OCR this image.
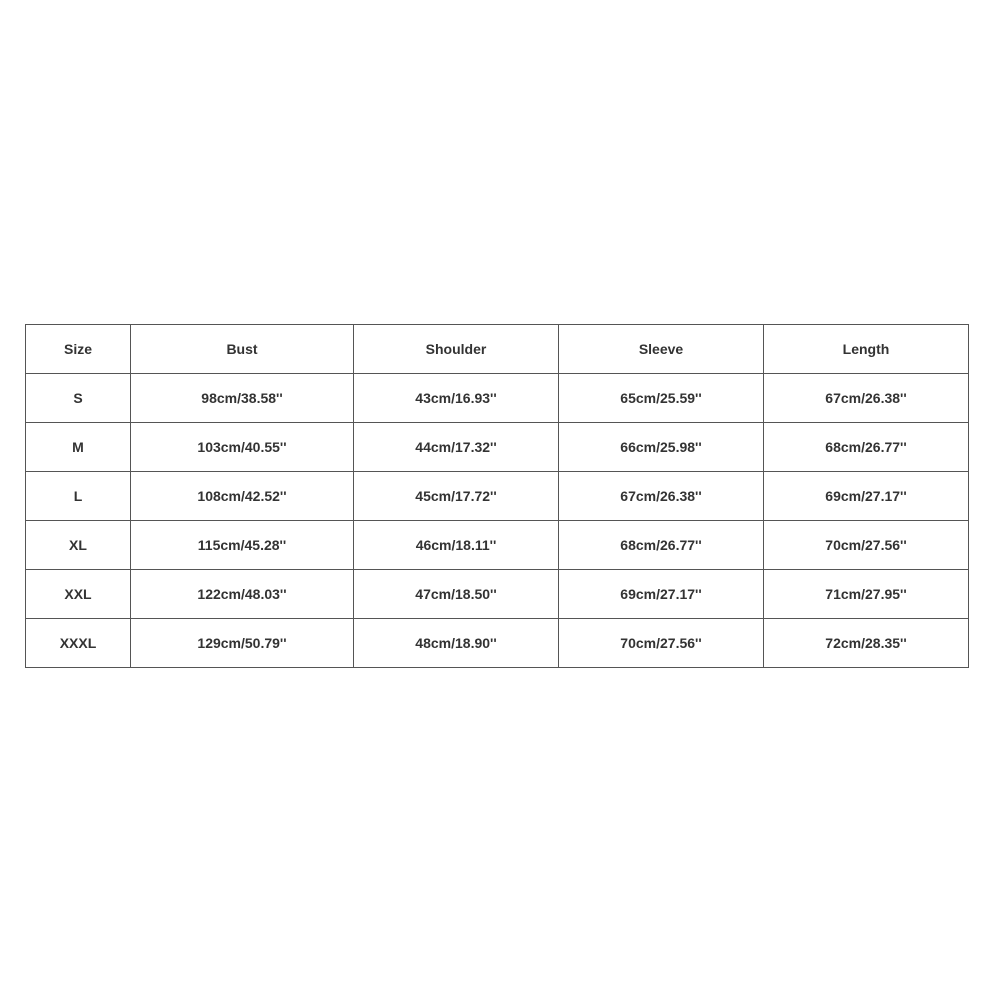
Size	Bust	Shoulder	Sleeve	Length
S	98cm/38.58''	43cm/16.93''	65cm/25.59''	67cm/26.38''
M	103cm/40.55''	44cm/17.32''	66cm/25.98''	68cm/26.77''
L	108cm/42.52''	45cm/17.72''	67cm/26.38''	69cm/27.17''
XL	115cm/45.28''	46cm/18.11''	68cm/26.77''	70cm/27.56''
XXL	122cm/48.03''	47cm/18.50''	69cm/27.17''	71cm/27.95''
XXXL	129cm/50.79''	48cm/18.90''	70cm/27.56''	72cm/28.35''
